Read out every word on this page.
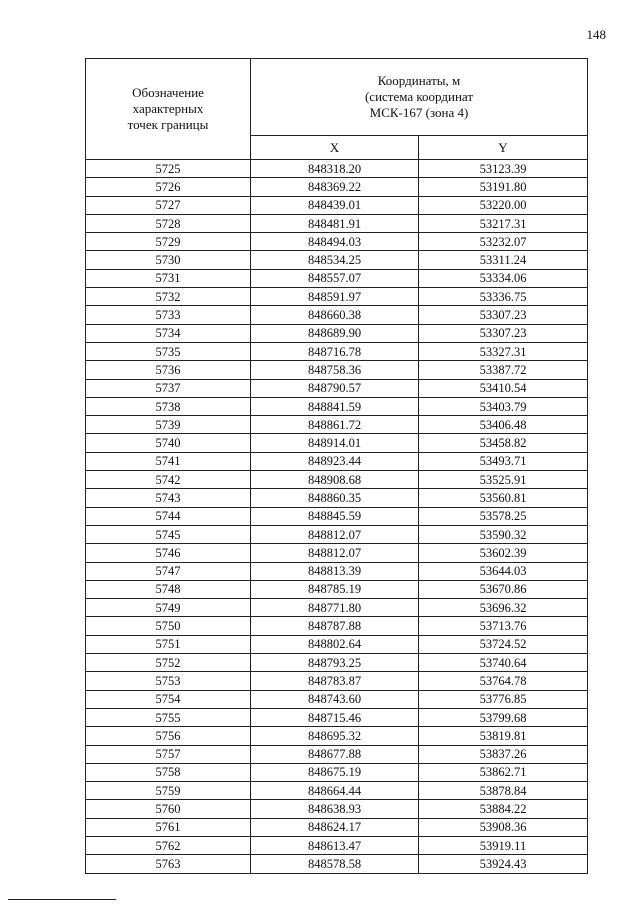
148
Обозначение
характерных
точек границы	Координаты, м
(система координат
МСК-167 (зона 4)	
	X	Y
5725	848318.20	53123.39
5726	848369.22	53191.80
5727	848439.01	53220.00
5728	848481.91	53217.31
5729	848494.03	53232.07
5730	848534.25	53311.24
5731	848557.07	53334.06
5732	848591.97	53336.75
5733	848660.38	53307.23
5734	848689.90	53307.23
5735	848716.78	53327.31
5736	848758.36	53387.72
5737	848790.57	53410.54
5738	848841.59	53403.79
5739	848861.72	53406.48
5740	848914.01	53458.82
5741	848923.44	53493.71
5742	848908.68	53525.91
5743	848860.35	53560.81
5744	848845.59	53578.25
5745	848812.07	53590.32
5746	848812.07	53602.39
5747	848813.39	53644.03
5748	848785.19	53670.86
5749	848771.80	53696.32
5750	848787.88	53713.76
5751	848802.64	53724.52
5752	848793.25	53740.64
5753	848783.87	53764.78
5754	848743.60	53776.85
5755	848715.46	53799.68
5756	848695.32	53819.81
5757	848677.88	53837.26
5758	848675.19	53862.71
5759	848664.44	53878.84
5760	848638.93	53884.22
5761	848624.17	53908.36
5762	848613.47	53919.11
5763	848578.58	53924.43
